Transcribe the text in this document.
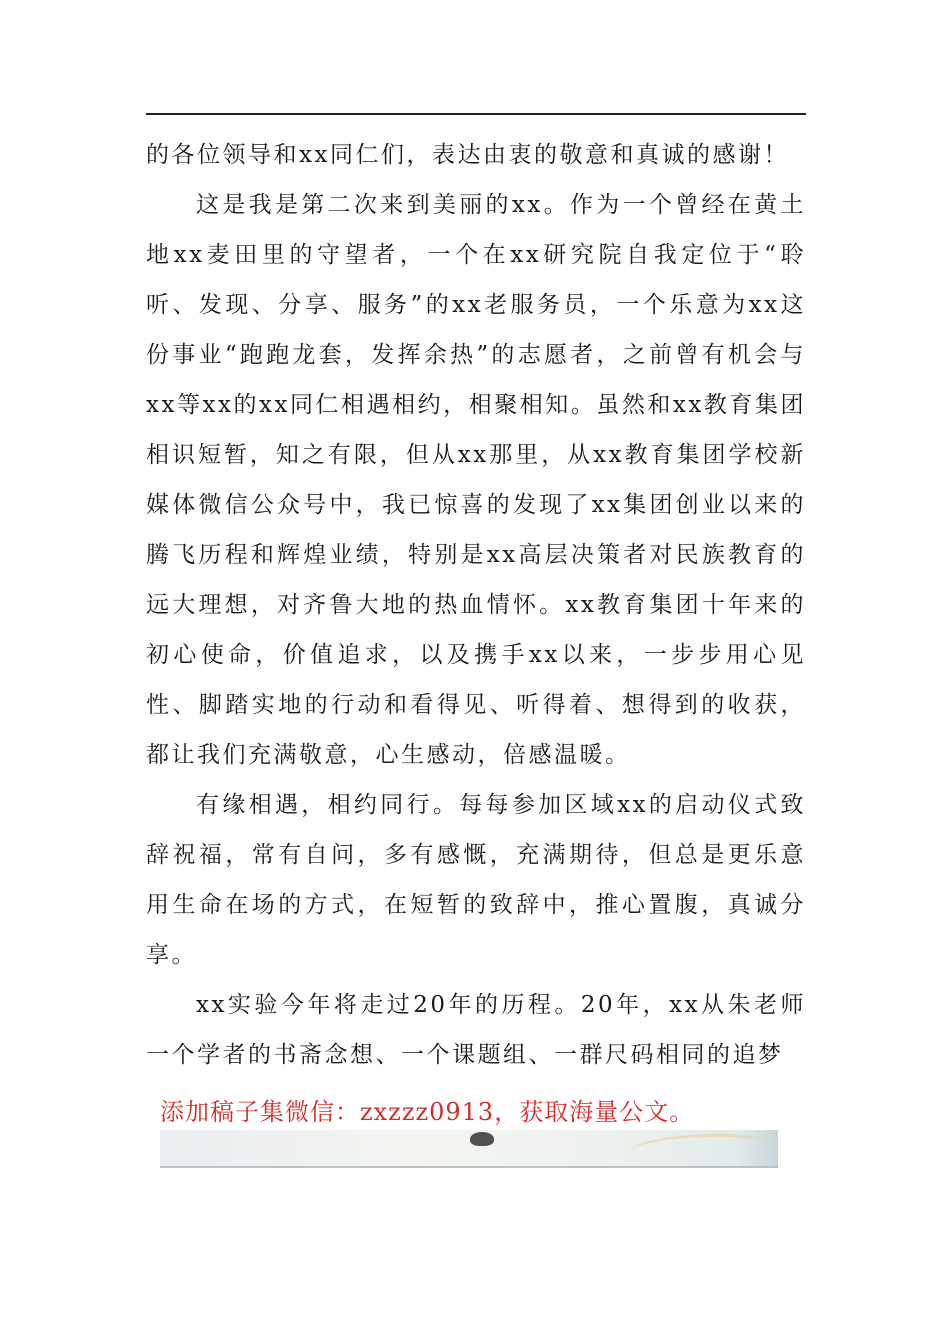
的各位领导和xx同仁们，表达由衷的敬意和真诚的感谢！

这是我是第二次来到美丽的xx。作为一个曾经在黄土地xx麦田里的守望者，一个在xx研究院自我定位于“聆听、发现、分享、服务”的xx老服务员，一个乐意为xx这份事业“跑跑龙套，发挥余热”的志愿者，之前曾有机会与xx等xx的xx同仁相遇相约，相聚相知。虽然和xx教育集团相识短暂，知之有限，但从xx那里，从xx教育集团学校新媒体微信公众号中，我已惊喜的发现了xx集团创业以来的腾飞历程和辉煌业绩，特别是xx高层决策者对民族教育的远大理想，对齐鲁大地的热血情怀。xx教育集团十年来的初心使命，价值追求，以及携手xx以来，一步步用心见性、脚踏实地的行动和看得见、听得着、想得到的收获，都让我们充满敬意，心生感动，倍感温暖。

有缘相遇，相约同行。每每参加区域xx的启动仪式致辞祝福，常有自问，多有感慨，充满期待，但总是更乐意用生命在场的方式，在短暂的致辞中，推心置腹，真诚分享。

xx实验今年将走过20年的历程。20年，xx从朱老师一个学者的书斋念想、一个课题组、一群尺码相同的追梦

添加稿子集微信：zxzzz0913，获取海量公文。
